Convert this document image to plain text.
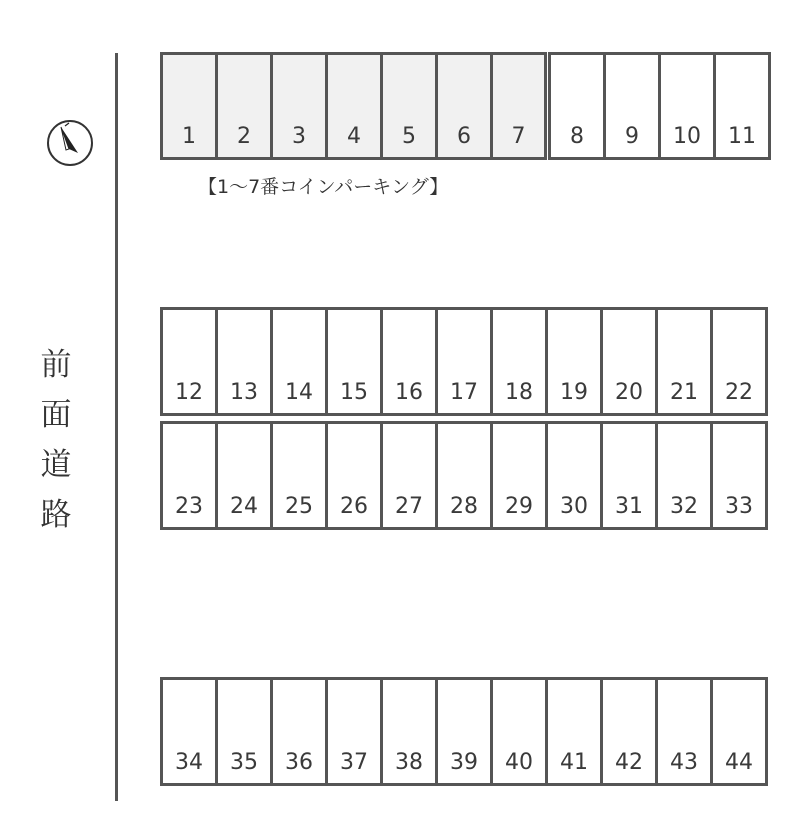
前
面
道
路
1	2	3	4	5	6	7	8	9	10	11
12	13	14	15	16	17	18	19	20	21	22
23	24	25	26	27	28	29	30	31	32	33
34	35	36	37	38	39	40	41	42	43	44
【1～7番コインパーキング】
